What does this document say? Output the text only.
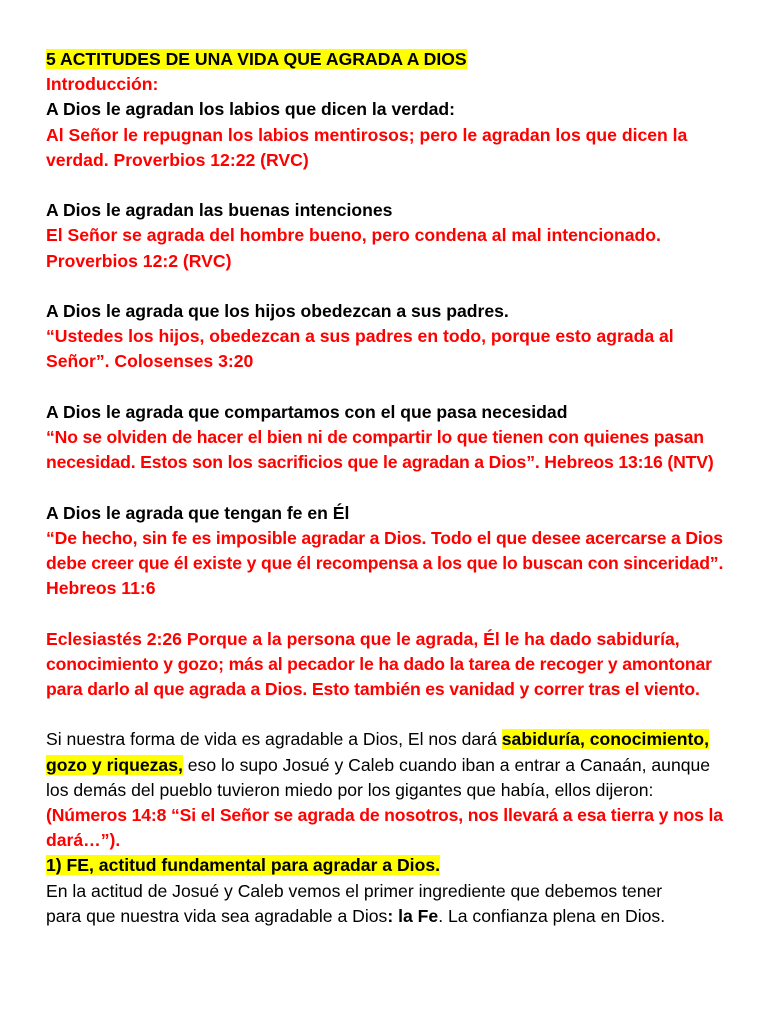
5 ACTITUDES DE UNA VIDA QUE AGRADA A DIOS

Introducción:

A Dios le agradan los labios que dicen la verdad:

Al Señor le repugnan los labios mentirosos; pero le agradan los que dicen la

verdad. Proverbios 12:22 (RVC)

A Dios le agradan las buenas intenciones

El Señor se agrada del hombre bueno, pero condena al mal intencionado.

Proverbios 12:2 (RVC)

A Dios le agrada que los hijos obedezcan a sus padres.

“Ustedes los hijos, obedezcan a sus padres en todo, porque esto agrada al

Señor”. Colosenses 3:20

A Dios le agrada que compartamos con el que pasa necesidad

“No se olviden de hacer el bien ni de compartir lo que tienen con quienes pasan

necesidad. Estos son los sacrificios que le agradan a Dios”. Hebreos 13:16 (NTV)

A Dios le agrada que tengan fe en Él

“De hecho, sin fe es imposible agradar a Dios. Todo el que desee acercarse a Dios

debe creer que él existe y que él recompensa a los que lo buscan con sinceridad”.

Hebreos 11:6

Eclesiastés 2:26 Porque a la persona que le agrada, Él le ha dado sabiduría,

conocimiento y gozo; más al pecador le ha dado la tarea de recoger y amontonar

para darlo al que agrada a Dios. Esto también es vanidad y correr tras el viento.

Si nuestra forma de vida es agradable a Dios, El nos dará sabiduría, conocimiento,

gozo y riquezas, eso lo supo Josué y Caleb cuando iban a entrar a Canaán, aunque

los demás del pueblo tuvieron miedo por los gigantes que había, ellos dijeron:

(Números 14:8 “Si el Señor se agrada de nosotros, nos llevará a esa tierra y nos la

dará…”).

1) FE, actitud fundamental para agradar a Dios.

En la actitud de Josué y Caleb vemos el primer ingrediente que debemos tener

para que nuestra vida sea agradable a Dios: la Fe. La confianza plena en Dios.
